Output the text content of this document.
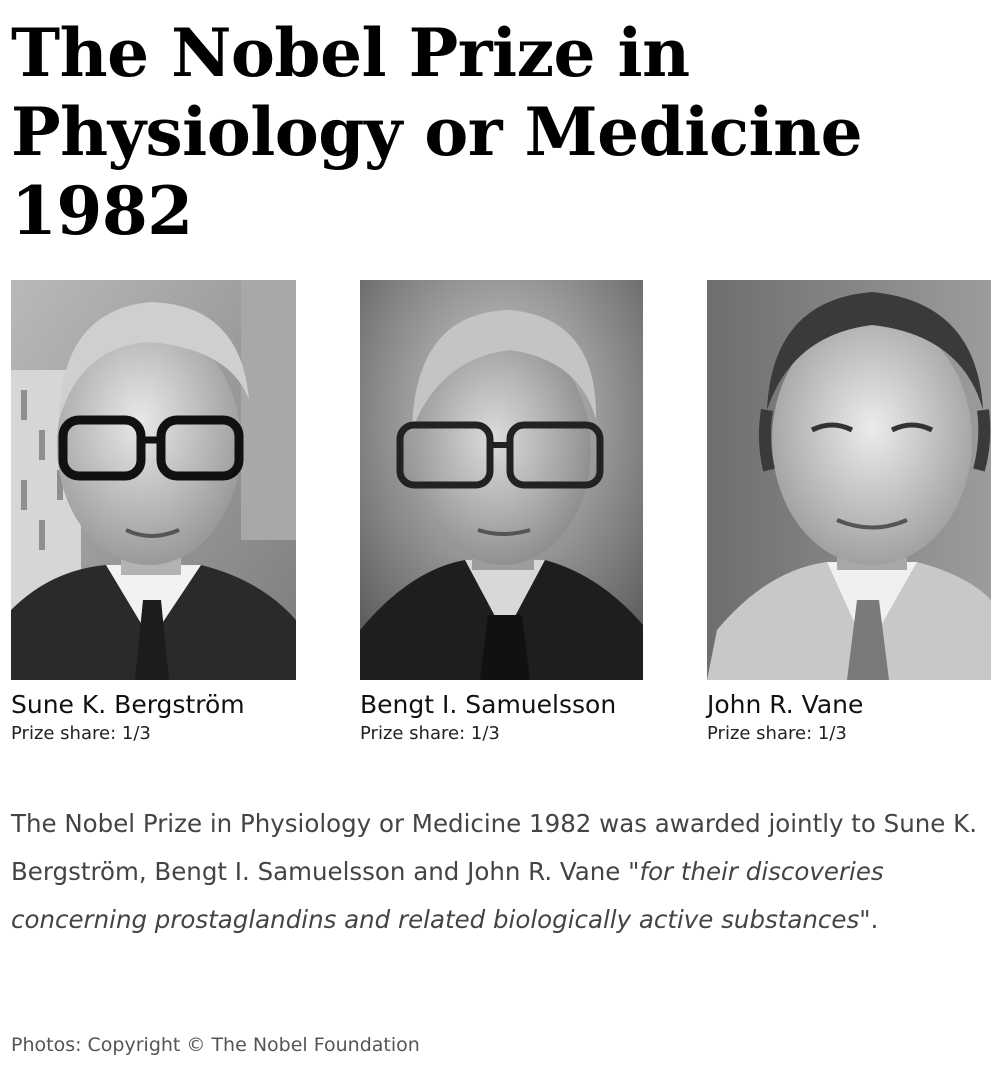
The Nobel Prize in
Physiology or Medicine
1982
Sune K. Bergström
Prize share: 1/3
Bengt I. Samuelsson
Prize share: 1/3
John R. Vane
Prize share: 1/3

The Nobel Prize in Physiology or Medicine 1982 was awarded jointly to Sune K. Bergström, Bengt I. Samuelsson and John R. Vane "for their discoveries concerning prostaglandins and related biologically active substances".

Photos: Copyright © The Nobel Foundation
